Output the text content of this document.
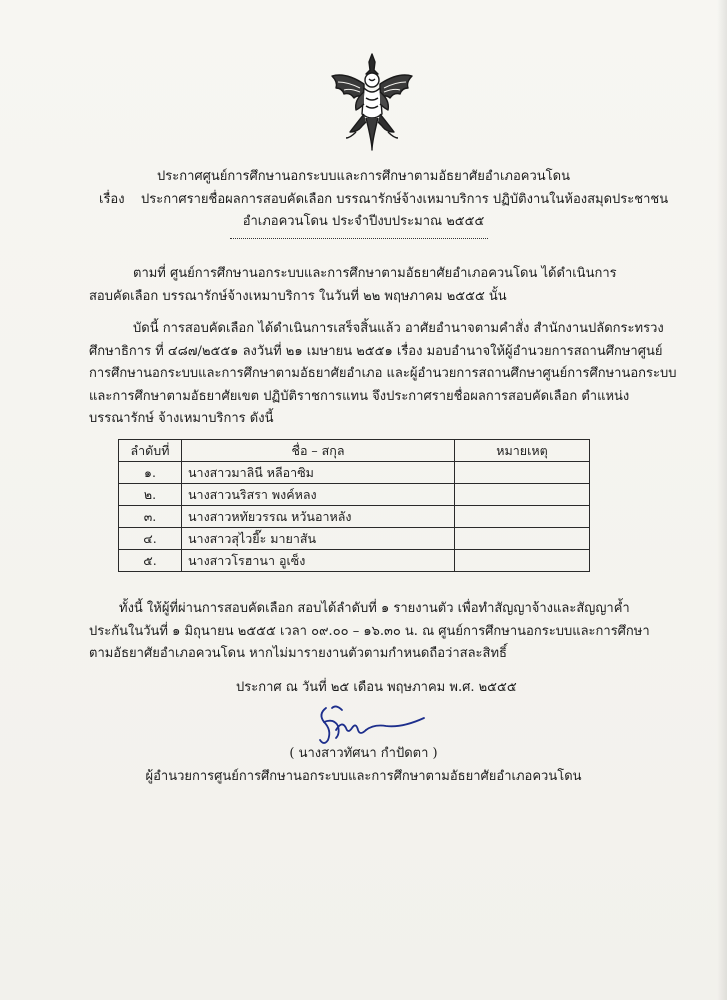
ประกาศศูนย์การศึกษานอกระบบและการศึกษาตามอัธยาศัยอำเภอควนโดน
เรื่อง ประกาศรายชื่อผลการสอบคัดเลือก บรรณารักษ์จ้างเหมาบริการ ปฏิบัติงานในห้องสมุดประชาชน
อำเภอควนโดน ประจำปีงบประมาณ ๒๕๕๕
ตามที่ ศูนย์การศึกษานอกระบบและการศึกษาตามอัธยาศัยอำเภอควนโดน ได้ดำเนินการ
สอบคัดเลือก บรรณารักษ์จ้างเหมาบริการ ในวันที่ ๒๒ พฤษภาคม ๒๕๕๕ นั้น
บัดนี้ การสอบคัดเลือก ได้ดำเนินการเสร็จสิ้นแล้ว อาศัยอำนาจตามคำสั่ง สำนักงานปลัดกระทรวง
ศึกษาธิการ ที่ ๔๘๗/๒๕๕๑ ลงวันที่ ๒๑ เมษายน ๒๕๕๑ เรื่อง มอบอำนาจให้ผู้อำนวยการสถานศึกษาศูนย์
การศึกษานอกระบบและการศึกษาตามอัธยาศัยอำเภอ และผู้อำนวยการสถานศึกษาศูนย์การศึกษานอกระบบ
และการศึกษาตามอัธยาศัยเขต ปฏิบัติราชการแทน จึงประกาศรายชื่อผลการสอบคัดเลือก ตำแหน่ง
บรรณารักษ์ จ้างเหมาบริการ ดังนี้
ลำดับที่	ชื่อ – สกุล	หมายเหตุ
๑.	นางสาวมาลินี หลีอาซิม	
๒.	นางสาวนริสรา พงค์หลง	
๓.	นางสาวหทัยวรรณ หวันอาหลัง	
๔.	นางสาวสุไวยี๊ะ มายาสัน	
๕.	นางสาวโรฮานา อูเซ็ง	
ทั้งนี้ ให้ผู้ที่ผ่านการสอบคัดเลือก สอบได้ลำดับที่ ๑ รายงานตัว เพื่อทำสัญญาจ้างและสัญญาค้ำ
ประกันในวันที่ ๑ มิถุนายน ๒๕๕๕ เวลา ๐๙.๐๐ – ๑๖.๓๐ น. ณ ศูนย์การศึกษานอกระบบและการศึกษา
ตามอัธยาศัยอำเภอควนโดน หากไม่มารายงานตัวตามกำหนดถือว่าสละสิทธิ์
ประกาศ ณ วันที่ ๒๕ เดือน พฤษภาคม พ.ศ. ๒๕๕๕
( นางสาวทัศนา กำปัดตา )
ผู้อำนวยการศูนย์การศึกษานอกระบบและการศึกษาตามอัธยาศัยอำเภอควนโดน
